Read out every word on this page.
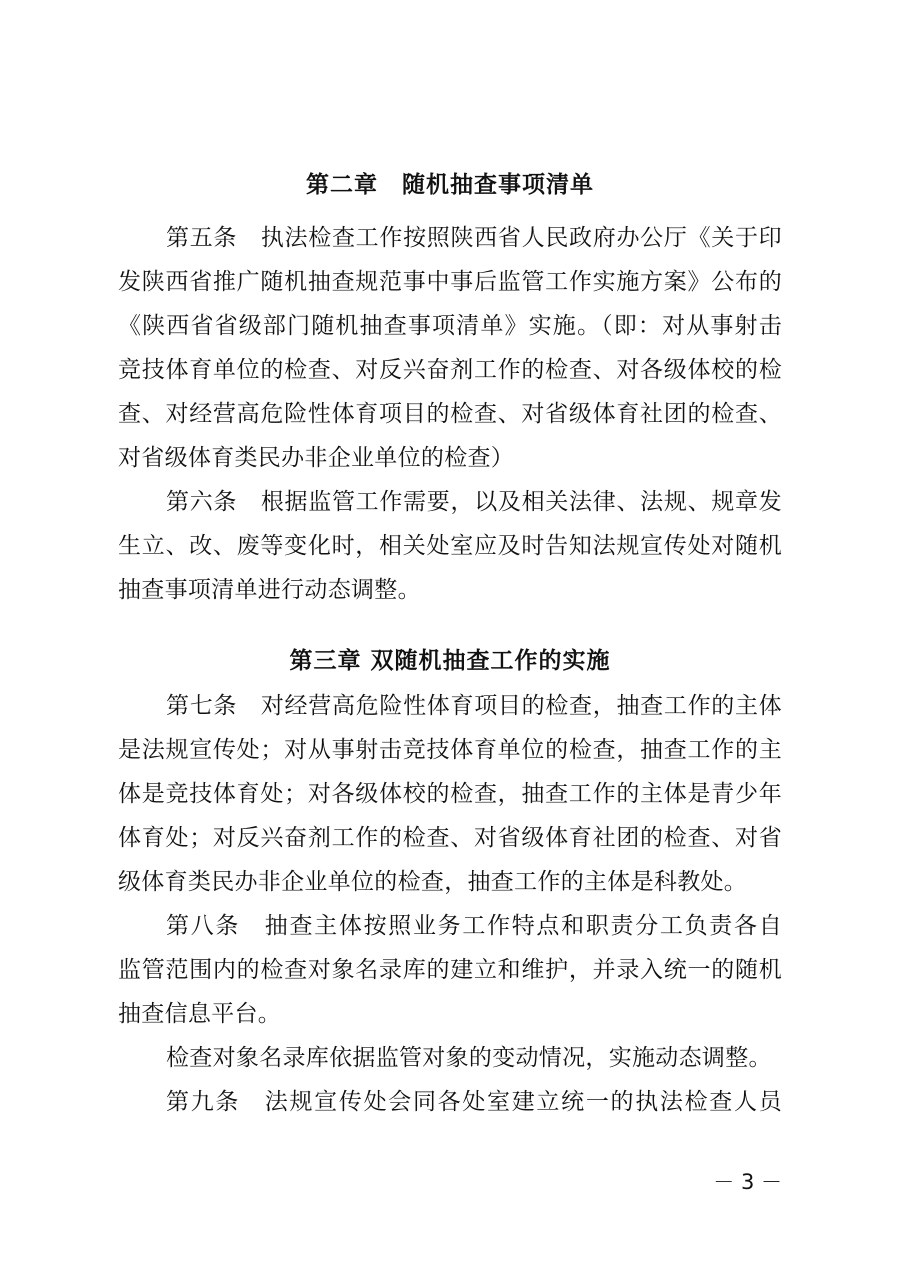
第二章　随机抽查事项清单
第五条　执法检查工作按照陕西省人民政府办公厅《关于印
发陕西省推广随机抽查规范事中事后监管工作实施方案》公布的
《陕西省省级部门随机抽查事项清单》实施。（即：对从事射击
竞技体育单位的检查、对反兴奋剂工作的检查、对各级体校的检
查、对经营高危险性体育项目的检查、对省级体育社团的检查、
对省级体育类民办非企业单位的检查）
第六条　根据监管工作需要，以及相关法律、法规、规章发
生立、改、废等变化时，相关处室应及时告知法规宣传处对随机
抽查事项清单进行动态调整。
第三章 双随机抽查工作的实施
第七条　对经营高危险性体育项目的检查，抽查工作的主体
是法规宣传处；对从事射击竞技体育单位的检查，抽查工作的主
体是竞技体育处；对各级体校的检查，抽查工作的主体是青少年
体育处；对反兴奋剂工作的检查、对省级体育社团的检查、对省
级体育类民办非企业单位的检查，抽查工作的主体是科教处。
第八条　抽查主体按照业务工作特点和职责分工负责各自
监管范围内的检查对象名录库的建立和维护，并录入统一的随机
抽查信息平台。
检查对象名录库依据监管对象的变动情况，实施动态调整。
第九条　法规宣传处会同各处室建立统一的执法检查人员
－ 3 －
